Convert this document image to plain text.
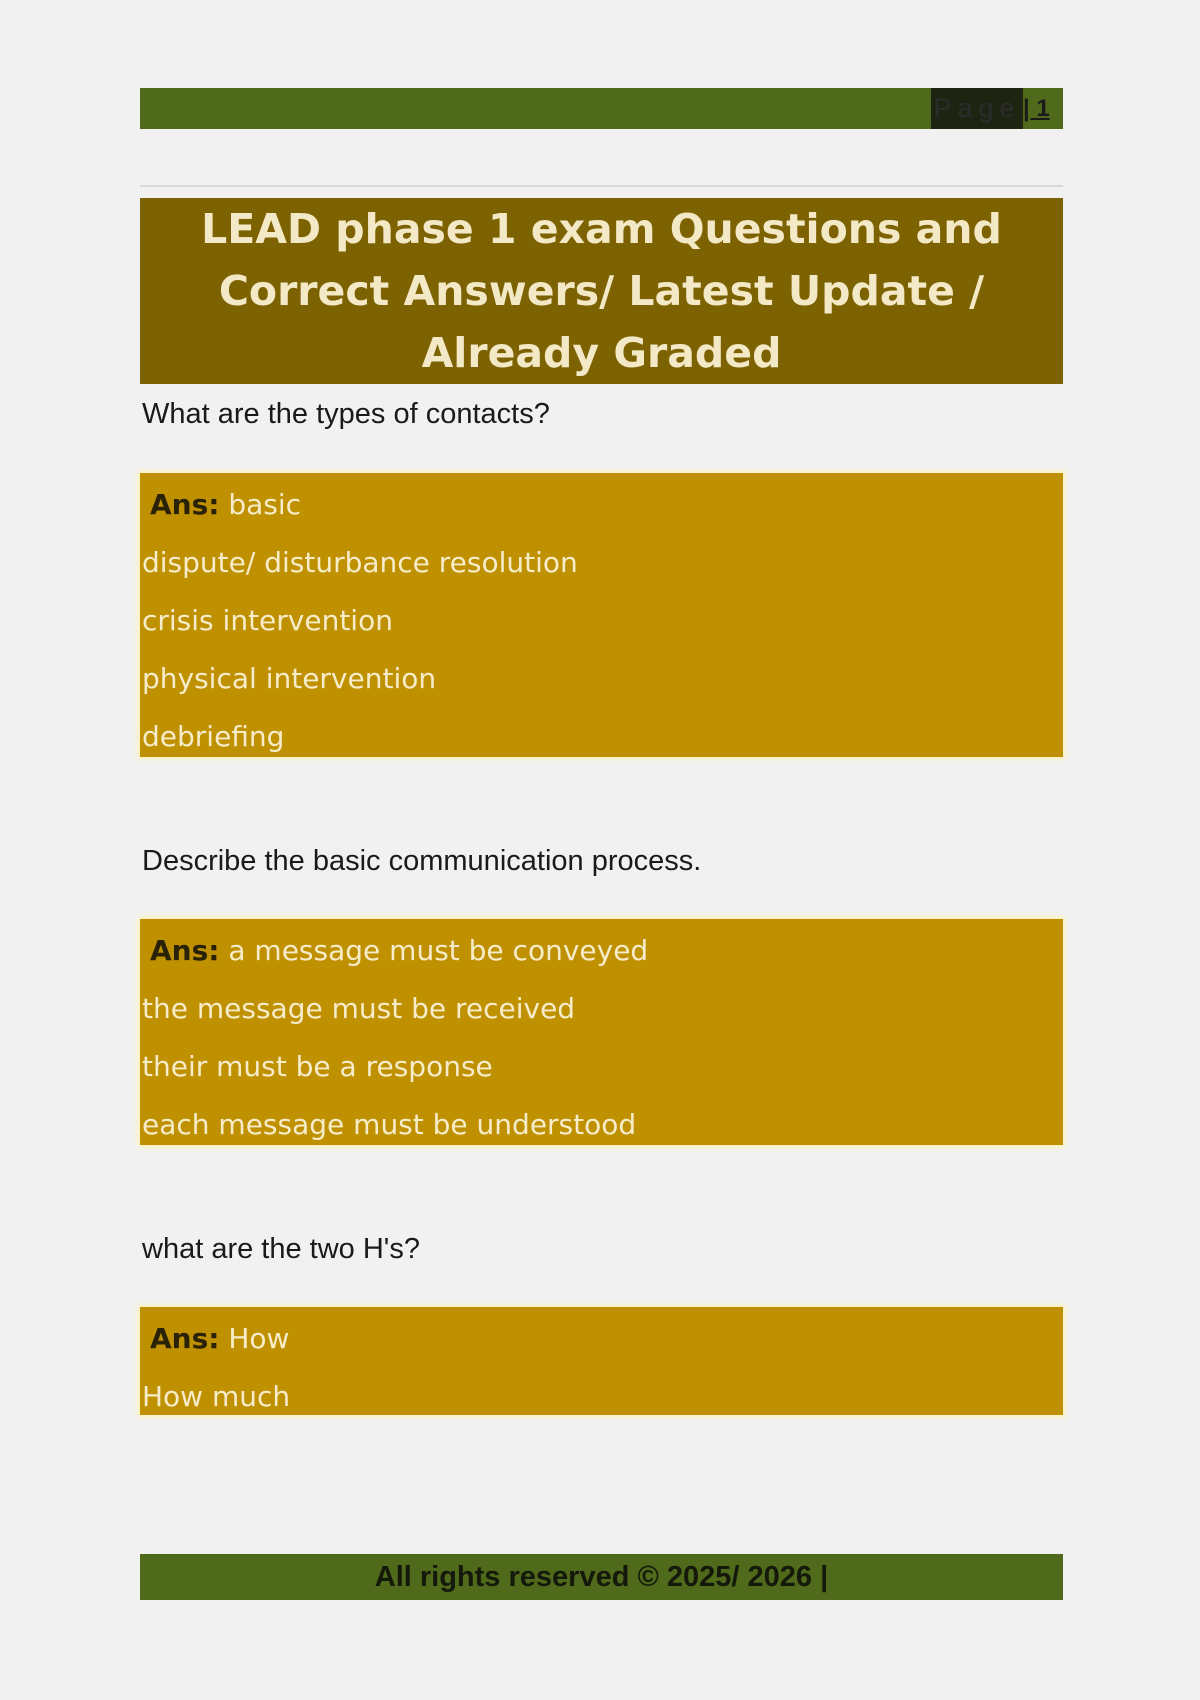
Page | 1
LEAD phase 1 exam Questions and Correct Answers/ Latest Update / Already Graded
What are the types of contacts?
Ans: basic
dispute/ disturbance resolution
crisis intervention
physical intervention
debriefing
Describe the basic communication process.
Ans: a message must be conveyed
the message must be received
their must be a response
each message must be understood
what are the two H's?
Ans: How
How much
All rights reserved © 2025/ 2026 |
